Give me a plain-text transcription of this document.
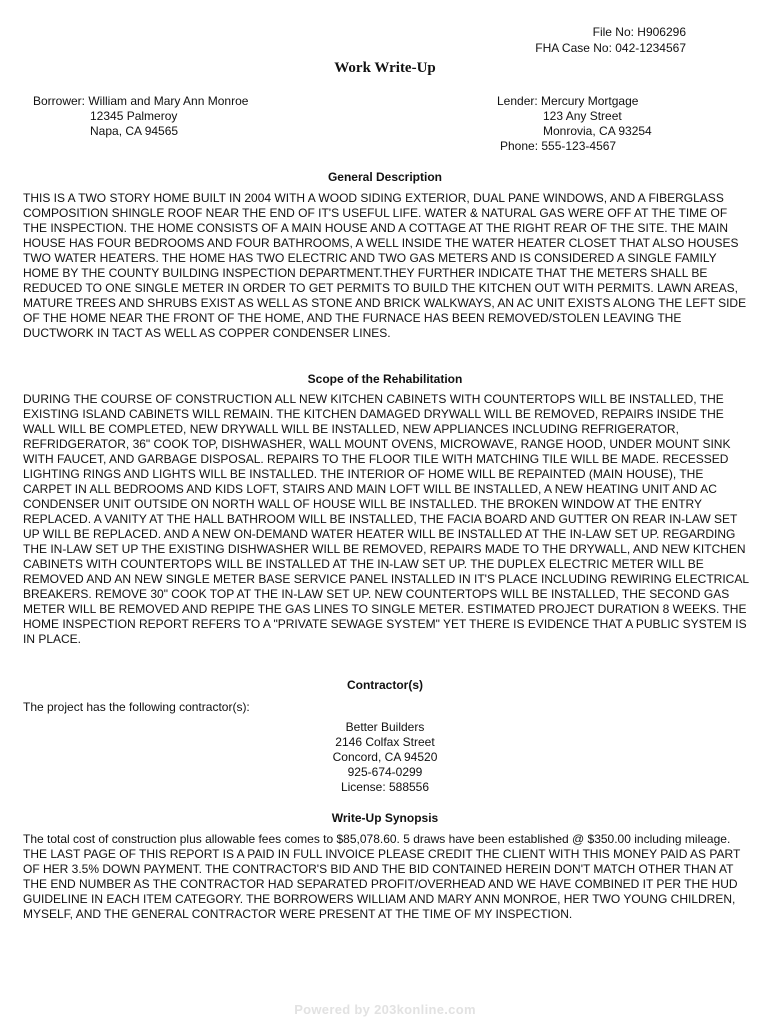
File No: H906296
FHA Case No: 042-1234567
Work Write-Up
Borrower:
William and Mary Ann Monroe
12345 Palmeroy
Napa, CA 94565
Lender:
Mercury Mortgage
123 Any Street
Monrovia, CA 93254
Phone: 555-123-4567
General Description
THIS IS A TWO STORY HOME BUILT IN 2004 WITH A WOOD SIDING EXTERIOR, DUAL PANE WINDOWS, AND A FIBERGLASS COMPOSITION SHINGLE ROOF NEAR THE END OF IT'S USEFUL LIFE. WATER & NATURAL GAS WERE OFF AT THE TIME OF THE INSPECTION. THE HOME CONSISTS OF A MAIN HOUSE AND A COTTAGE AT THE RIGHT REAR OF THE SITE. THE MAIN HOUSE HAS FOUR BEDROOMS AND FOUR BATHROOMS, A WELL INSIDE THE WATER HEATER CLOSET THAT ALSO HOUSES TWO WATER HEATERS. THE HOME HAS TWO ELECTRIC AND TWO GAS METERS AND IS CONSIDERED A SINGLE FAMILY HOME BY THE COUNTY BUILDING INSPECTION DEPARTMENT.THEY FURTHER INDICATE THAT THE METERS SHALL BE REDUCED TO ONE SINGLE METER IN ORDER TO GET PERMITS TO BUILD THE KITCHEN OUT WITH PERMITS. LAWN AREAS, MATURE TREES AND SHRUBS EXIST AS WELL AS STONE AND BRICK WALKWAYS, AN AC UNIT EXISTS ALONG THE LEFT SIDE OF THE HOME NEAR THE FRONT OF THE HOME, AND THE FURNACE HAS BEEN REMOVED/STOLEN LEAVING THE DUCTWORK IN TACT AS WELL AS COPPER CONDENSER LINES.
Scope of the Rehabilitation
DURING THE COURSE OF CONSTRUCTION ALL NEW KITCHEN CABINETS WITH COUNTERTOPS WILL BE INSTALLED, THE EXISTING ISLAND CABINETS WILL REMAIN. THE KITCHEN DAMAGED DRYWALL WILL BE REMOVED, REPAIRS INSIDE THE WALL WILL BE COMPLETED, NEW DRYWALL WILL BE INSTALLED, NEW APPLIANCES INCLUDING REFRIGERATOR, REFRIDGERATOR, 36" COOK TOP, DISHWASHER, WALL MOUNT OVENS, MICROWAVE, RANGE HOOD, UNDER MOUNT SINK WITH FAUCET, AND GARBAGE DISPOSAL. REPAIRS TO THE FLOOR TILE WITH MATCHING TILE WILL BE MADE. RECESSED LIGHTING RINGS AND LIGHTS WILL BE INSTALLED. THE INTERIOR OF HOME WILL BE REPAINTED (MAIN HOUSE), THE CARPET IN ALL BEDROOMS AND KIDS LOFT, STAIRS AND MAIN LOFT WILL BE INSTALLED, A NEW HEATING UNIT AND AC CONDENSER UNIT OUTSIDE ON NORTH WALL OF HOUSE WILL BE INSTALLED. THE BROKEN WINDOW AT THE ENTRY REPLACED. A VANITY AT THE HALL BATHROOM WILL BE INSTALLED, THE FACIA BOARD AND GUTTER ON REAR IN-LAW SET UP WILL BE REPLACED. AND A NEW ON-DEMAND WATER HEATER WILL BE INSTALLED AT THE IN-LAW SET UP. REGARDING THE IN-LAW SET UP THE EXISTING DISHWASHER WILL BE REMOVED, REPAIRS MADE TO THE DRYWALL, AND NEW KITCHEN CABINETS WITH COUNTERTOPS WILL BE INSTALLED AT THE IN-LAW SET UP. THE DUPLEX ELECTRIC METER WILL BE REMOVED AND AN NEW SINGLE METER BASE SERVICE PANEL INSTALLED IN IT'S PLACE INCLUDING REWIRING ELECTRICAL BREAKERS. REMOVE 30" COOK TOP AT THE IN-LAW SET UP. NEW COUNTERTOPS WILL BE INSTALLED, THE SECOND GAS METER WILL BE REMOVED AND REPIPE THE GAS LINES TO SINGLE METER. ESTIMATED PROJECT DURATION 8 WEEKS. THE HOME INSPECTION REPORT REFERS TO A "PRIVATE SEWAGE SYSTEM" YET THERE IS EVIDENCE THAT A PUBLIC SYSTEM IS IN PLACE.
Contractor(s)
The project has the following contractor(s):
Better Builders
2146 Colfax Street
Concord, CA 94520
925-674-0299
License: 588556
Write-Up Synopsis
The total cost of construction plus allowable fees comes to $85,078.60. 5 draws have been established @ $350.00 including mileage. THE LAST PAGE OF THIS REPORT IS A PAID IN FULL INVOICE PLEASE CREDIT THE CLIENT WITH THIS MONEY PAID AS PART OF HER 3.5% DOWN PAYMENT. THE CONTRACTOR'S BID AND THE BID CONTAINED HEREIN DON'T MATCH OTHER THAN AT THE END NUMBER AS THE CONTRACTOR HAD SEPARATED PROFIT/OVERHEAD AND WE HAVE COMBINED IT PER THE HUD GUIDELINE IN EACH ITEM CATEGORY. THE BORROWERS WILLIAM AND MARY ANN MONROE, HER TWO YOUNG CHILDREN, MYSELF, AND THE GENERAL CONTRACTOR WERE PRESENT AT THE TIME OF MY INSPECTION.
Powered by 203konline.com
